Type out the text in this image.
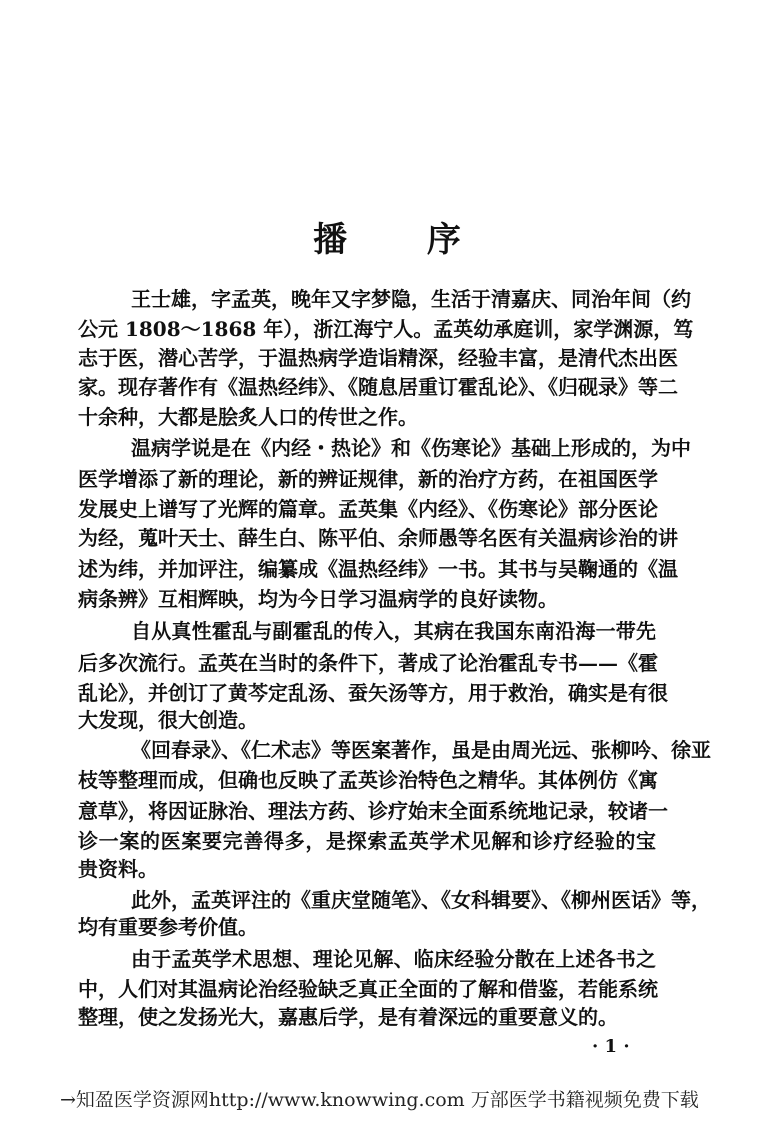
播 序
王士雄，字孟英，晚年又字梦隐，生活于清嘉庆、同治年间（约
公元 1808～1868 年），浙江海宁人。孟英幼承庭训，家学渊源，笃
志于医，潜心苦学，于温热病学造诣精深，经验丰富，是清代杰出医
家。现存著作有《温热经纬》、《随息居重订霍乱论》、《归砚录》等二
十余种，大都是脍炙人口的传世之作。
温病学说是在《内经・热论》和《伤寒论》基础上形成的，为中
医学增添了新的理论，新的辨证规律，新的治疗方药，在祖国医学
发展史上谱写了光辉的篇章。孟英集《内经》、《伤寒论》部分医论
为经，蒐叶天士、薛生白、陈平伯、余师愚等名医有关温病诊治的讲
述为纬，并加评注，编纂成《温热经纬》一书。其书与吴鞠通的《温
病条辨》互相辉映，均为今日学习温病学的良好读物。
自从真性霍乱与副霍乱的传入，其病在我国东南沿海一带先
后多次流行。孟英在当时的条件下，著成了论治霍乱专书——《霍
乱论》，并创订了黄芩定乱汤、蚕矢汤等方，用于救治，确实是有很
大发现，很大创造。
《回春录》、《仁术志》等医案著作，虽是由周光远、张柳吟、徐亚
枝等整理而成，但确也反映了孟英诊治特色之精华。其体例仿《寓
意草》，将因证脉治、理法方药、诊疗始末全面系统地记录，较诸一
诊一案的医案要完善得多，是探索孟英学术见解和诊疗经验的宝
贵资料。
此外，孟英评注的《重庆堂随笔》、《女科辑要》、《柳州医话》等，
均有重要参考价值。
由于孟英学术思想、理论见解、临床经验分散在上述各书之
中，人们对其温病论治经验缺乏真正全面的了解和借鉴，若能系统
整理，使之发扬光大，嘉惠后学，是有着深远的重要意义的。
· 1 ·
→知盈医学资源网http://www.knowwing.com 万部医学书籍视频免费下载
